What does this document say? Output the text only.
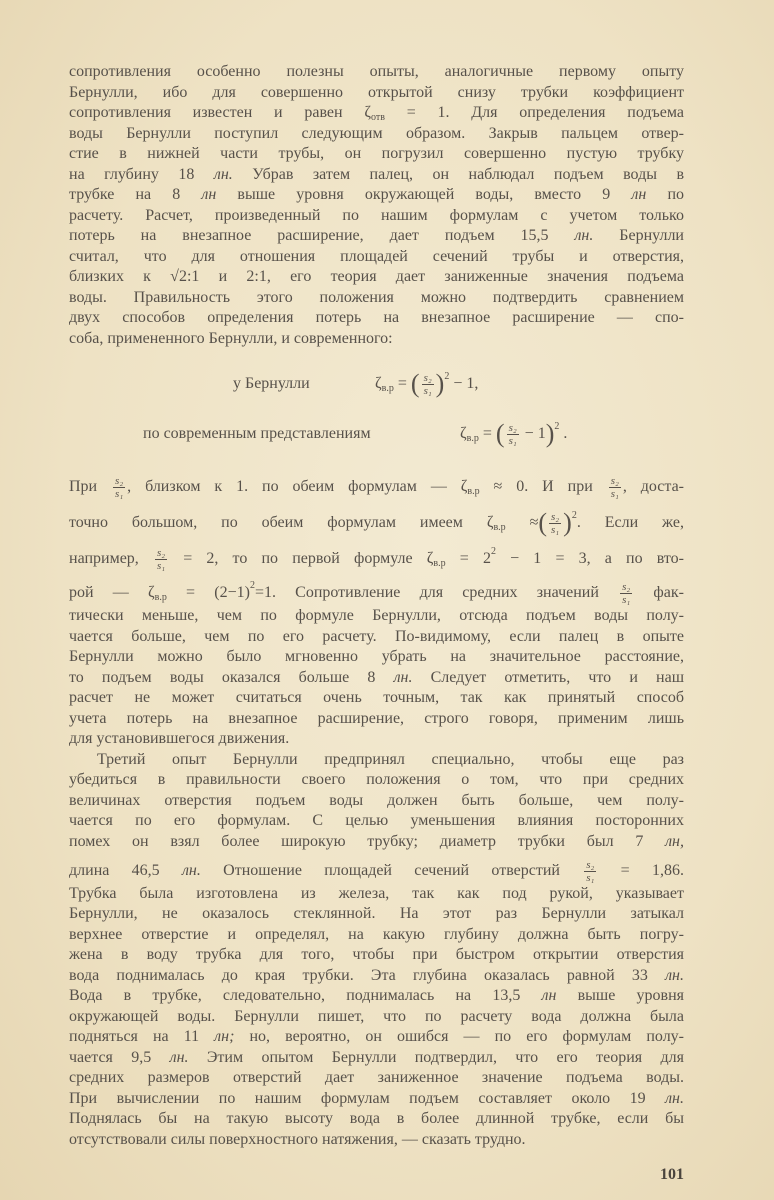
сопротивления особенно полезны опыты, аналогичные первому опыту
Бернулли, ибо для совершенно открытой снизу трубки коэффициент
сопротивления известен и равен $\zeta_{отв} = 1$. Для определения подъема
воды Бернулли поступил следующим образом. Закрыв пальцем отвер-
стие в нижней части трубы, он погрузил совершенно пустую трубку
на глубину 18 лн. Убрав затем палец, он наблюдал подъем воды в
трубке на 8 лн выше уровня окружающей воды, вместо 9 лн по
расчету. Расчет, произведенный по нашим формулам с учетом только
потерь на внезапное расширение, дает подъем 15,5 лн. Бернулли
считал, что для отношения площадей сечений трубы и отверстия,
близких к √2:1 и 2:1, его теория дает заниженные значения подъема
воды. Правильность этого положения можно подтвердить сравнением
двух способов определения потерь на внезапное расширение — спо-
соба, примененного Бернулли, и современного:
При $\frac{\text{s₂}}{\text{s₁}}$ , близком к 1. по обеим формулам — $\zeta_{в.р} \approx 0$. И при $\frac{\text{s₂}}{\text{s₁}}$ , доста-
точно большом, по обеим формулам имеем $\zeta_{в.р}$ ≈( $\frac{\text{s₂}}{\text{s₁}} )^2$. Если же,
например, $\frac{\text{s₂}}{\text{s₁}} = 2$, то по первой формуле $\zeta_{в.р} = 2^2 - 1 = 3$, а по вто-
рой — $\zeta_{в.р} = (2-1)^2=1$. Сопротивление для средних значений $\frac{\text{s₂}}{\text{s₁}} фак-$
тически меньше, чем по формуле Бернулли, отсюда подъем воды полу-
чается больше, чем по его расчету. По-видимому, если палец в опыте
Бернулли можно было мгновенно убрать на значительное расстояние,
то подъем воды оказался больше 8 лн. Следует отметить, что и наш
расчет не может считаться очень точным, так как принятый способ
учета потерь на внезапное расширение, строго говоря, применим лишь
для установившегося движения.
Третий опыт Бернулли предпринял специально, чтобы еще раз
убедиться в правильности своего положения о том, что при средних
величинах отверстия подъем воды должен быть больше, чем полу-
чается по его формулам. С целью уменьшения влияния посторонних
помех он взял более широкую трубку; диаметр трубки был 7 лн,
длина 46,5 лн. Отношение площадей сечений отверстий $\frac{\text{s₂}}{\text{s₁}} = 1,86$.
Трубка была изготовлена из железа, так как под рукой, указывает
Бернулли, не оказалось стеклянной. На этот раз Бернулли затыкал
верхнее отверстие и определял, на какую глубину должна быть погру-
жена в воду трубка для того, чтобы при быстром открытии отверстия
вода поднималась до края трубки. Эта глубина оказалась равной 33 лн.
Вода в трубке, следовательно, поднималась на 13,5 лн выше уровня
окружающей воды. Бернулли пишет, что по расчету вода должна была
подняться на 11 лн; но, вероятно, он ошибся — по его формулам полу-
чается 9,5 лн. Этим опытом Бернулли подтвердил, что его теория для
средних размеров отверстий дает заниженное значение подъема воды.
При вычислении по нашим формулам подъем составляет около 19 лн.
Поднялась бы на такую высоту вода в более длинной трубке, если бы
отсутствовали силы поверхностного натяжения, — сказать трудно.
у Бернулли	$\zeta_{в.р}$ = ( $\frac{\text{s₂}}{\text{s₁}} )^2 - 1$,
по современным представлениям	$\zeta_{в.р}$ = ( $\frac{\text{s₂}}{\text{s₁}} - 1)^2$ .
101
